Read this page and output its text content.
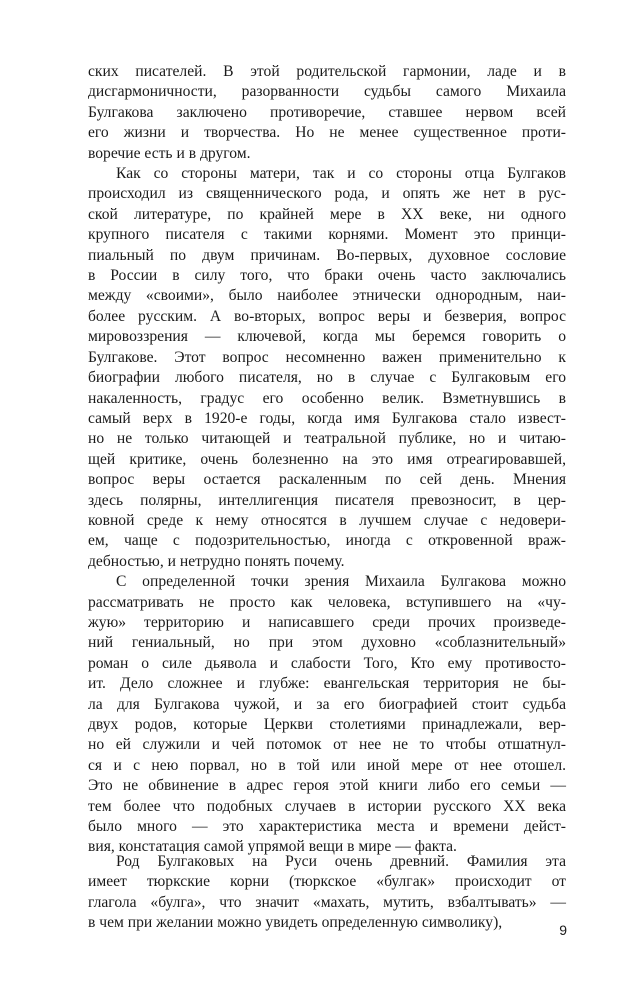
ских писателей. В этой родительской гармонии, ладе и в
дисгармоничности, разорванности судьбы самого Михаила
Булгакова заключено противоречие, ставшее нервом всей
его жизни и творчества. Но не менее существенное проти-
воречие есть и в другом.
Как со стороны матери, так и со стороны отца Булгаков
происходил из священнического рода, и опять же нет в рус-
ской литературе, по крайней мере в XX веке, ни одного
крупного писателя с такими корнями. Момент это принци-
пиальный по двум причинам. Во-первых, духовное сословие
в России в силу того, что браки очень часто заключались
между «своими», было наиболее этнически однородным, наи-
более русским. А во-вторых, вопрос веры и безверия, вопрос
мировоззрения — ключевой, когда мы беремся говорить о
Булгакове. Этот вопрос несомненно важен применительно к
биографии любого писателя, но в случае с Булгаковым его
накаленность, градус его особенно велик. Взметнувшись в
самый верх в 1920-е годы, когда имя Булгакова стало извест-
но не только читающей и театральной публике, но и читаю-
щей критике, очень болезненно на это имя отреагировавшей,
вопрос веры остается раскаленным по сей день. Мнения
здесь полярны, интеллигенция писателя превозносит, в цер-
ковной среде к нему относятся в лучшем случае с недовери-
ем, чаще с подозрительностью, иногда с откровенной враж-
дебностью, и нетрудно понять почему.
С определенной точки зрения Михаила Булгакова можно
рассматривать не просто как человека, вступившего на «чу-
жую» территорию и написавшего среди прочих произведе-
ний гениальный, но при этом духовно «соблазнительный»
роман о силе дьявола и слабости Того, Кто ему противосто-
ит. Дело сложнее и глубже: евангельская территория не бы-
ла для Булгакова чужой, и за его биографией стоит судьба
двух родов, которые Церкви столетиями принадлежали, вер-
но ей служили и чей потомок от нее не то чтобы отшатнул-
ся и с нею порвал, но в той или иной мере от нее отошел.
Это не обвинение в адрес героя этой книги либо его семьи —
тем более что подобных случаев в истории русского XX века
было много — это характеристика места и времени дейст-
вия, констатация самой упрямой вещи в мире — факта.
Род Булгаковых на Руси очень древний. Фамилия эта
имеет тюркские корни (тюркское «булгак» происходит от
глагола «булга», что значит «махать, мутить, взбалтывать» —
в чем при желании можно увидеть определенную символику),	9
